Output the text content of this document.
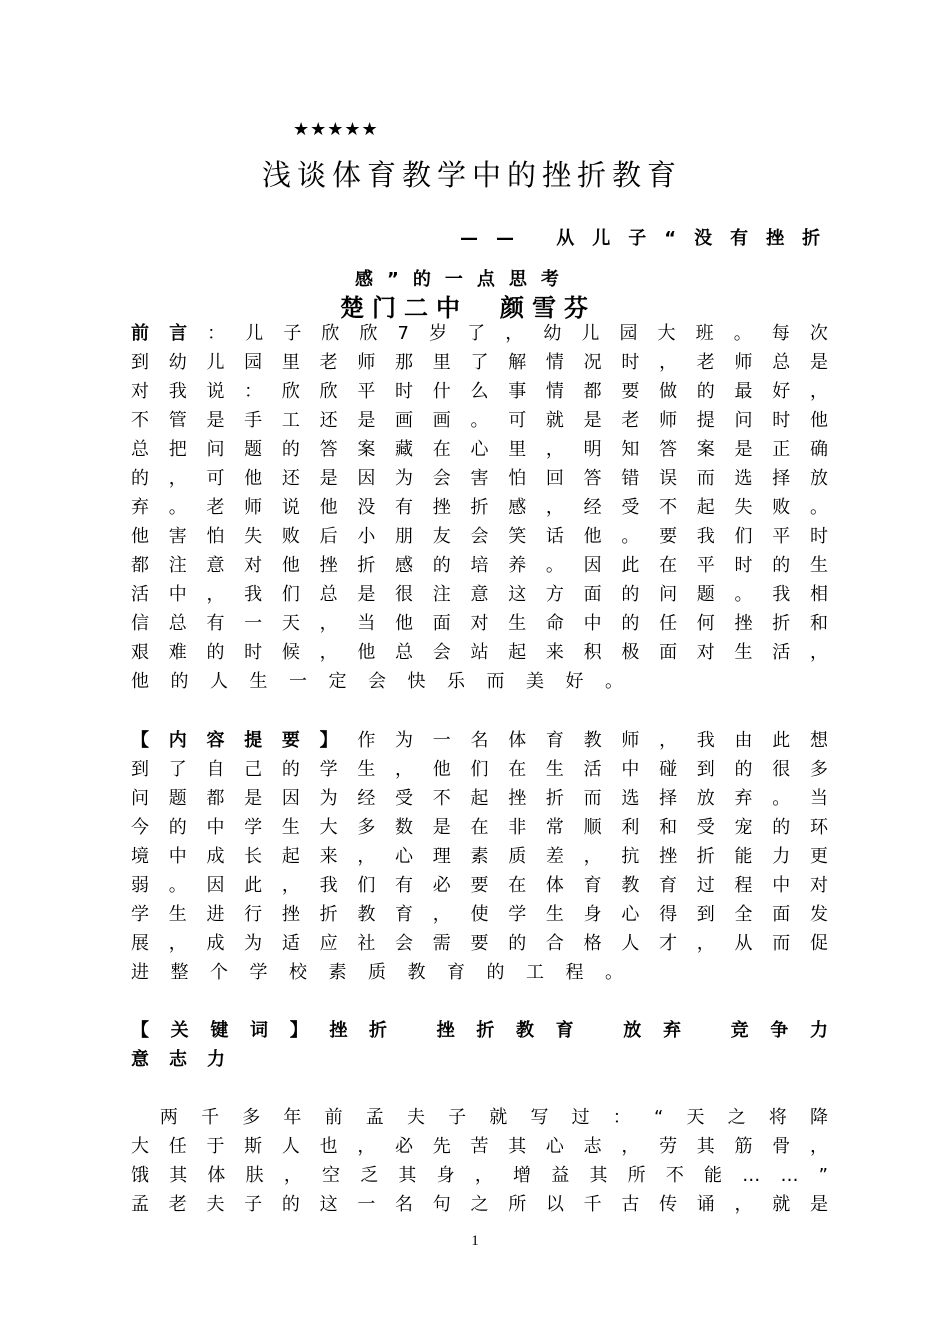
★★★★★
浅谈体育教学中的挫折教育
—— 从儿子“没有挫折
感”的一点思考
楚门二中　颜雪芬
前 言 ： 儿 子 欣 欣 7 岁 了 ， 幼 儿 园 大 班 。 每 次
到 幼 儿 园 里 老 师 那 里 了 解 情 况 时 ， 老 师 总 是
对 我 说 ： 欣 欣 平 时 什 么 事 情 都 要 做 的 最 好 ，
不 管 是 手 工 还 是 画 画 。 可 就 是 老 师 提 问 时 他
总 把 问 题 的 答 案 藏 在 心 里 ， 明 知 答 案 是 正 确
的 ， 可 他 还 是 因 为 会 害 怕 回 答 错 误 而 选 择 放
弃 。 老 师 说 他 没 有 挫 折 感 ， 经 受 不 起 失 败 。
他 害 怕 失 败 后 小 朋 友 会 笑 话 他 。 要 我 们 平 时
都 注 意 对 他 挫 折 感 的 培 养 。 因 此 在 平 时 的 生
活 中 ， 我 们 总 是 很 注 意 这 方 面 的 问 题 。 我 相
信 总 有 一 天 ， 当 他 面 对 生 命 中 的 任 何 挫 折 和
艰 难 的 时 候 ， 他 总 会 站 起 来 积 极 面 对 生 活 ，
他 的 人 生 一 定 会 快 乐 而 美 好 。
【 内 容 提 要 】 作 为 一 名 体 育 教 师 ， 我 由 此 想
到 了 自 己 的 学 生 ， 他 们 在 生 活 中 碰 到 的 很 多
问 题 都 是 因 为 经 受 不 起 挫 折 而 选 择 放 弃 。 当
今 的 中 学 生 大 多 数 是 在 非 常 顺 利 和 受 宠 的 环
境 中 成 长 起 来 ， 心 理 素 质 差 ， 抗 挫 折 能 力 更
弱 。 因 此 ， 我 们 有 必 要 在 体 育 教 育 过 程 中 对
学 生 进 行 挫 折 教 育 ， 使 学 生 身 心 得 到 全 面 发
展 ， 成 为 适 应 社 会 需 要 的 合 格 人 才 ， 从 而 促
进 整 个 学 校 素 质 教 育 的 工 程 。
【 关 键 词 】 挫 折
	挫 折 教 育
	放 弃
	竞 争 力
意 志 力

两 千 多 年 前 孟 夫 子 就 写 过 ： “ 天 之 将 降
大 任 于 斯 人 也 ， 必 先 苦 其 心 志 ， 劳 其 筋 骨 ，
饿 其 体 肤 ， 空 乏 其 身 ， 增 益 其 所 不 能 … … ”
孟 老 夫 子 的 这 一 名 句 之 所 以 千 古 传 诵 ， 就 是
1
